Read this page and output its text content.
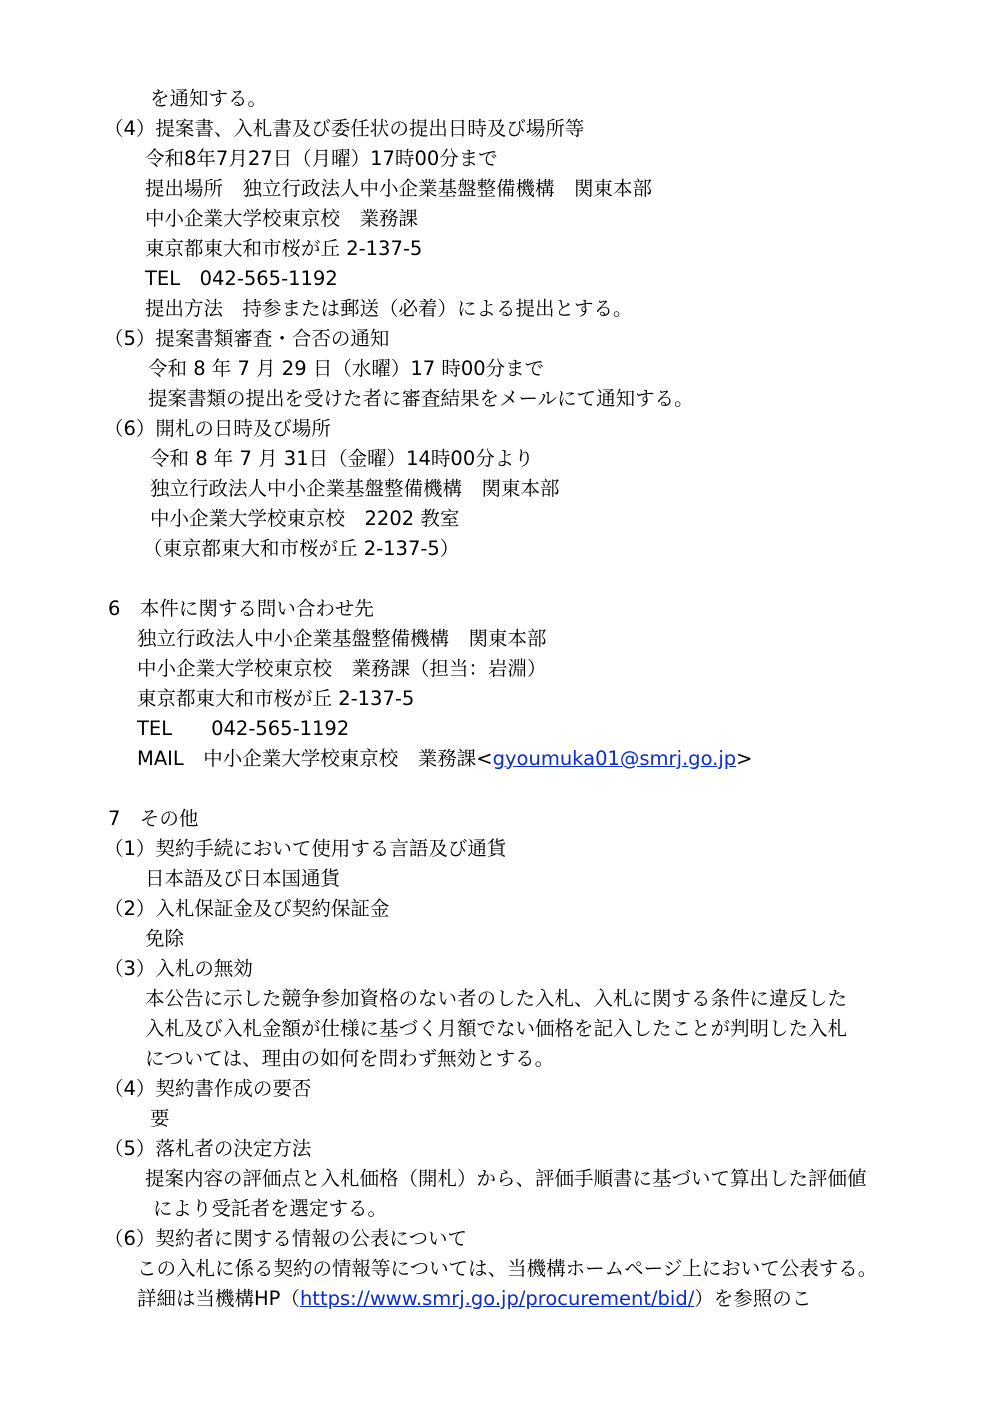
を通知する。
（4）提案書、入札書及び委任状の提出日時及び場所等
令和8年7月27日（月曜）17時00分まで
提出場所　独立行政法人中小企業基盤整備機構　関東本部
中小企業大学校東京校　業務課
東京都東大和市桜が丘 2-137-5
TEL　042-565-1192
提出方法　持参または郵送（必着）による提出とする。
（5）提案書類審査・合否の通知
令和 8 年 7 月 29 日（水曜）17 時00分まで
提案書類の提出を受けた者に審査結果をメールにて通知する。
（6）開札の日時及び場所
令和 8 年 7 月 31日（金曜）14時00分より
独立行政法人中小企業基盤整備機構　関東本部
中小企業大学校東京校　2202 教室
（東京都東大和市桜が丘 2-137-5）
6　本件に関する問い合わせ先
独立行政法人中小企業基盤整備機構　関東本部
中小企業大学校東京校　業務課（担当：岩淵）
東京都東大和市桜が丘 2-137-5
TEL　　042-565-1192
MAIL　中小企業大学校東京校　業務課<gyoumuka01@smrj.go.jp>
7　その他
（1）契約手続において使用する言語及び通貨
日本語及び日本国通貨
（2）入札保証金及び契約保証金
免除
（3）入札の無効
本公告に示した競争参加資格のない者のした入札、入札に関する条件に違反した
入札及び入札金額が仕様に基づく月額でない価格を記入したことが判明した入札
については、理由の如何を問わず無効とする。
（4）契約書作成の要否
要
（5）落札者の決定方法
提案内容の評価点と入札価格（開札）から、評価手順書に基づいて算出した評価値
により受託者を選定する。
（6）契約者に関する情報の公表について
この入札に係る契約の情報等については、当機構ホームページ上において公表する。
詳細は当機構HP（https://www.smrj.go.jp/procurement/bid/）を参照のこ
